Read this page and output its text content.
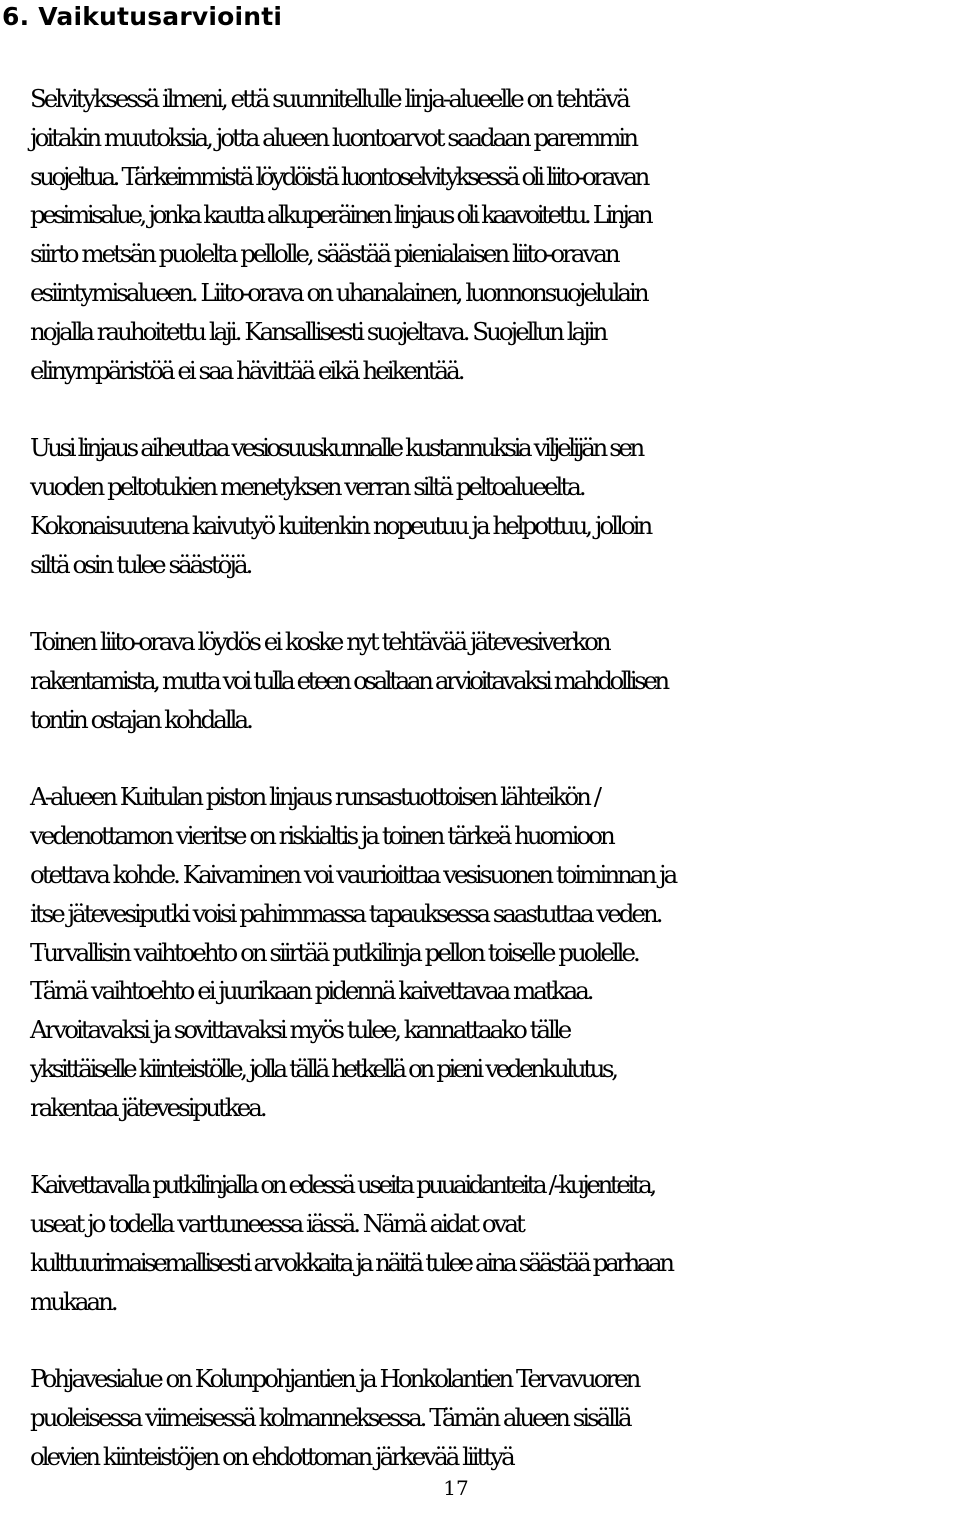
6. Vaikutusarviointi

Selvityksessä ilmeni, että suunnitellulle linja-alueelle on tehtävä
joitakin muutoksia, jotta alueen luontoarvot saadaan paremmin
suojeltua. Tärkeimmistä löydöistä luontoselvityksessä oli liito-oravan
pesimisalue, jonka kautta alkuperäinen linjaus oli kaavoitettu. Linjan
siirto metsän puolelta pellolle, säästää pienialaisen liito-oravan
esiintymisalueen. Liito-orava on uhanalainen, luonnonsuojelulain
nojalla rauhoitettu laji. Kansallisesti suojeltava. Suojellun lajin
elinympäristöä ei saa hävittää eikä heikentää.

Uusi linjaus aiheuttaa vesiosuuskunnalle kustannuksia viljelijän sen
vuoden peltotukien menetyksen verran siltä peltoalueelta.
Kokonaisuutena kaivutyö kuitenkin nopeutuu ja helpottuu, jolloin
siltä osin tulee säästöjä.

Toinen liito-orava löydös ei koske nyt tehtävää jätevesiverkon
rakentamista, mutta voi tulla eteen osaltaan arvioitavaksi mahdollisen
tontin ostajan kohdalla.

A-alueen Kuitulan piston linjaus runsastuottoisen lähteikön /
vedenottamon vieritse on riskialtis ja toinen tärkeä huomioon
otettava kohde. Kaivaminen voi vaurioittaa vesisuonen toiminnan ja
itse jätevesiputki voisi pahimmassa tapauksessa saastuttaa veden.
Turvallisin vaihtoehto on siirtää putkilinja pellon toiselle puolelle.
Tämä vaihtoehto ei juurikaan pidennä kaivettavaa matkaa.
Arvoitavaksi ja sovittavaksi myös tulee, kannattaako tälle
yksittäiselle kiinteistölle, jolla tällä hetkellä on pieni vedenkulutus,
rakentaa jätevesiputkea.

Kaivettavalla putkilinjalla on edessä useita puuaidanteita /-kujenteita,
useat jo todella varttuneessa iässä. Nämä aidat ovat
kulttuurimaisemallisesti arvokkaita ja näitä tulee aina säästää parhaan
mukaan.

Pohjavesialue on Kolunpohjantien ja Honkolantien Tervavuoren
puoleisessa viimeisessä kolmanneksessa. Tämän alueen sisällä
olevien kiinteistöjen on ehdottoman järkevää liittyä

17
